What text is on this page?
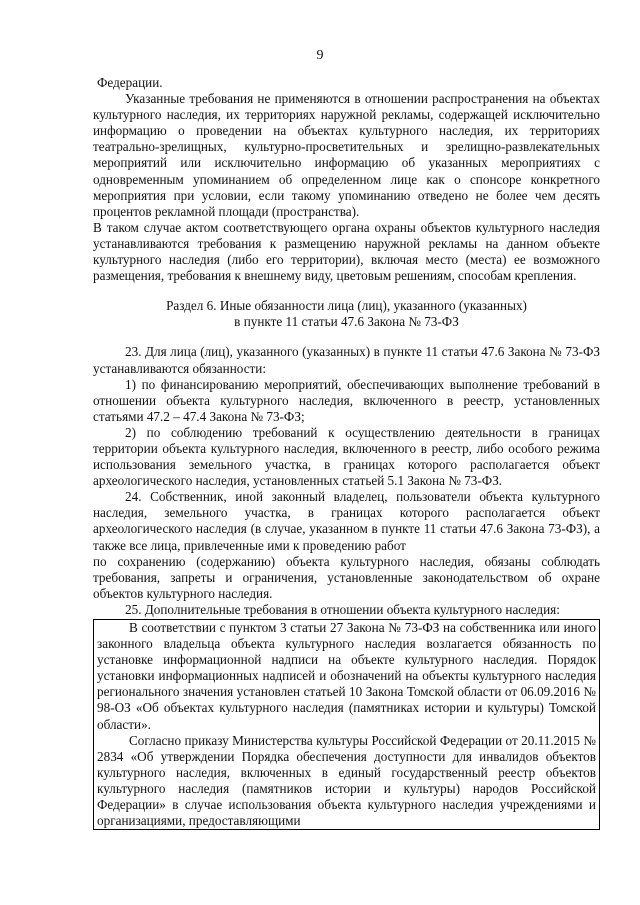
9

Федерации.

Указанные требования не применяются в отношении распространения на объектах культурного наследия, их территориях наружной рекламы, содержащей исключительно информацию о проведении на объектах культурного наследия, их территориях театрально-зрелищных, культурно-просветительных и зрелищно-развлекательных мероприятий или исключительно информацию об указанных мероприятиях с одновременным упоминанием об определенном лице как о спонсоре конкретного мероприятия при условии, если такому упоминанию отведено не более чем десять процентов рекламной площади (пространства).

В таком случае актом соответствующего органа охраны объектов культурного наследия устанавливаются требования к размещению наружной рекламы на данном объекте культурного наследия (либо его территории), включая место (места) ее возможного размещения, требования к внешнему виду, цветовым решениям, способам крепления.

Раздел 6. Иные обязанности лица (лиц), указанного (указанных)
в пункте 11 статьи 47.6 Закона № 73-ФЗ

23. Для лица (лиц), указанного (указанных) в пункте 11 статьи 47.6 Закона № 73-ФЗ устанавливаются обязанности:

1) по финансированию мероприятий, обеспечивающих выполнение требований в отношении объекта культурного наследия, включенного в реестр, установленных статьями 47.2 – 47.4 Закона № 73-ФЗ;

2) по соблюдению требований к осуществлению деятельности в границах территории объекта культурного наследия, включенного в реестр, либо особого режима использования земельного участка, в границах которого располагается объект археологического наследия, установленных статьей 5.1 Закона № 73-ФЗ.

24. Собственник, иной законный владелец, пользователи объекта культурного наследия, земельного участка, в границах которого располагается объект археологического наследия (в случае, указанном в пункте 11 статьи 47.6 Закона 73-ФЗ), а также все лица, привлеченные ими к проведению работ

по сохранению (содержанию) объекта культурного наследия, обязаны соблюдать требования, запреты и ограничения, установленные законодательством об охране объектов культурного наследия.

25. Дополнительные требования в отношении объекта культурного наследия:

В соответствии с пунктом 3 статьи 27 Закона № 73-ФЗ на собственника или иного законного владельца объекта культурного наследия возлагается обязанность по установке информационной надписи на объекте культурного наследия. Порядок установки информационных надписей и обозначений на объекты культурного наследия регионального значения установлен статьей 10 Закона Томской области от 06.09.2016 № 98-ОЗ «Об объектах культурного наследия (памятниках истории и культуры) Томской области».

Согласно приказу Министерства культуры Российской Федерации от 20.11.2015 № 2834 «Об утверждении Порядка обеспечения доступности для инвалидов объектов культурного наследия, включенных в единый государственный реестр объектов культурного наследия (памятников истории и культуры) народов Российской Федерации» в случае использования объекта культурного наследия учреждениями и организациями, предоставляющими
